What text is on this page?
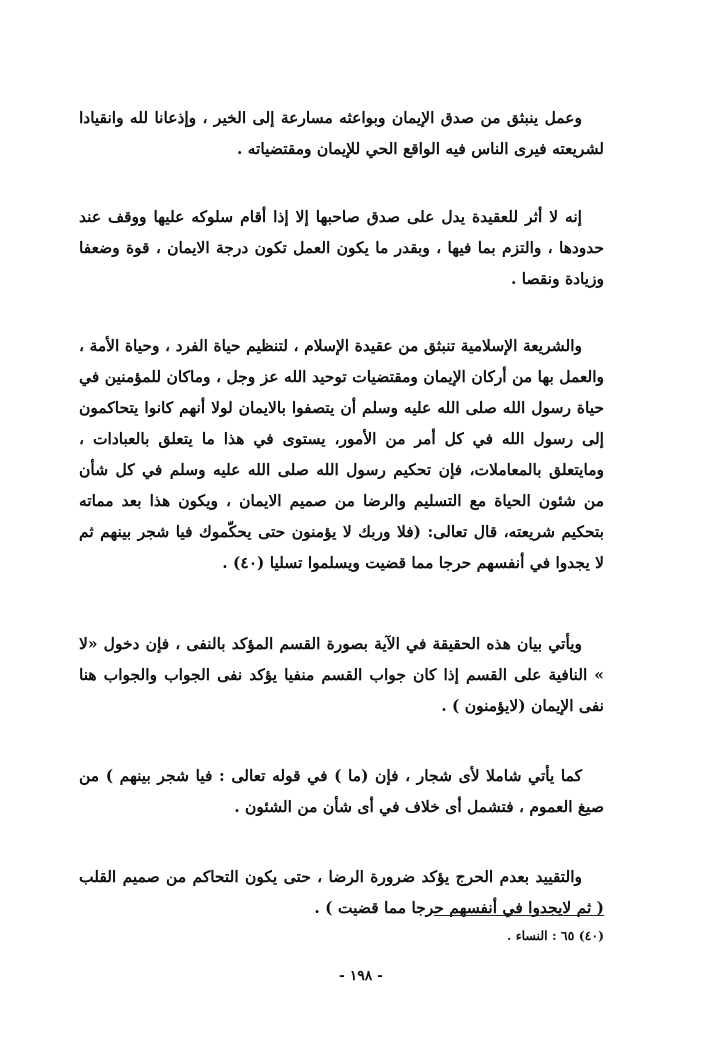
وعمل ينبثق من صدق الإيمان وبواعثه مسارعة إلى الخير ، وإذعانا لله وانقيادا لشريعته فيرى الناس فيه الواقع الحي للإيمان ومقتضياته .

إنه لا أثر للعقيدة يدل على صدق صاحبها إلا إذا أقام سلوكه عليها ووقف عند حدودها ، والتزم بما فيها ، وبقدر ما يكون العمل تكون درجة الايمان ، قوة وضعفا وزيادة ونقصا .

والشريعة الإسلامية تنبثق من عقيدة الإسلام ، لتنظيم حياة الفرد ، وحياة الأمة ، والعمل بها من أركان الإيمان ومقتضيات توحيد الله عز وجل ، وماكان للمؤمنين في حياة رسول الله صلى الله عليه وسلم أن يتصفوا بالايمان لولا أنهم كانوا يتحاكمون إلى رسول الله في كل أمر من الأمور، يستوى في هذا ما يتعلق بالعبادات ، ومايتعلق بالمعاملات، فإن تحكيم رسول الله صلى الله عليه وسلم في كل شأن من شئون الحياة مع التسليم والرضا من صميم الايمان ، ويكون هذا بعد مماته بتحكيم شريعته، قال تعالى: (فلا وربك لا يؤمنون حتى يحكّموك فيا شجر بينهم ثم لا يجدوا في أنفسهم حرجا مما قضيت ويسلموا تسليا (٤٠) .

ويأتي بيان هذه الحقيقة في الآية بصورة القسم المؤكد بالنفى ، فإن دخول «لا » النافية على القسم إذا كان جواب القسم منفيا يؤكد نفى الجواب والجواب هنا نفى الإيمان (لايؤمنون ) .

كما يأتي شاملا لأى شجار ، فإن (ما ) في قوله تعالى : فيا شجر بينهم ) من صيغ العموم ، فتشمل أى خلاف في أى شأن من الشئون .

والتقييد بعدم الحرج يؤكد ضرورة الرضا ، حتى يكون التحاكم من صميم القلب ( ثم لايجدوا في أنفسهم حرجا مما قضيت ) .

(٤٠) ٦٥ : النساء .
- ١٩٨ -
